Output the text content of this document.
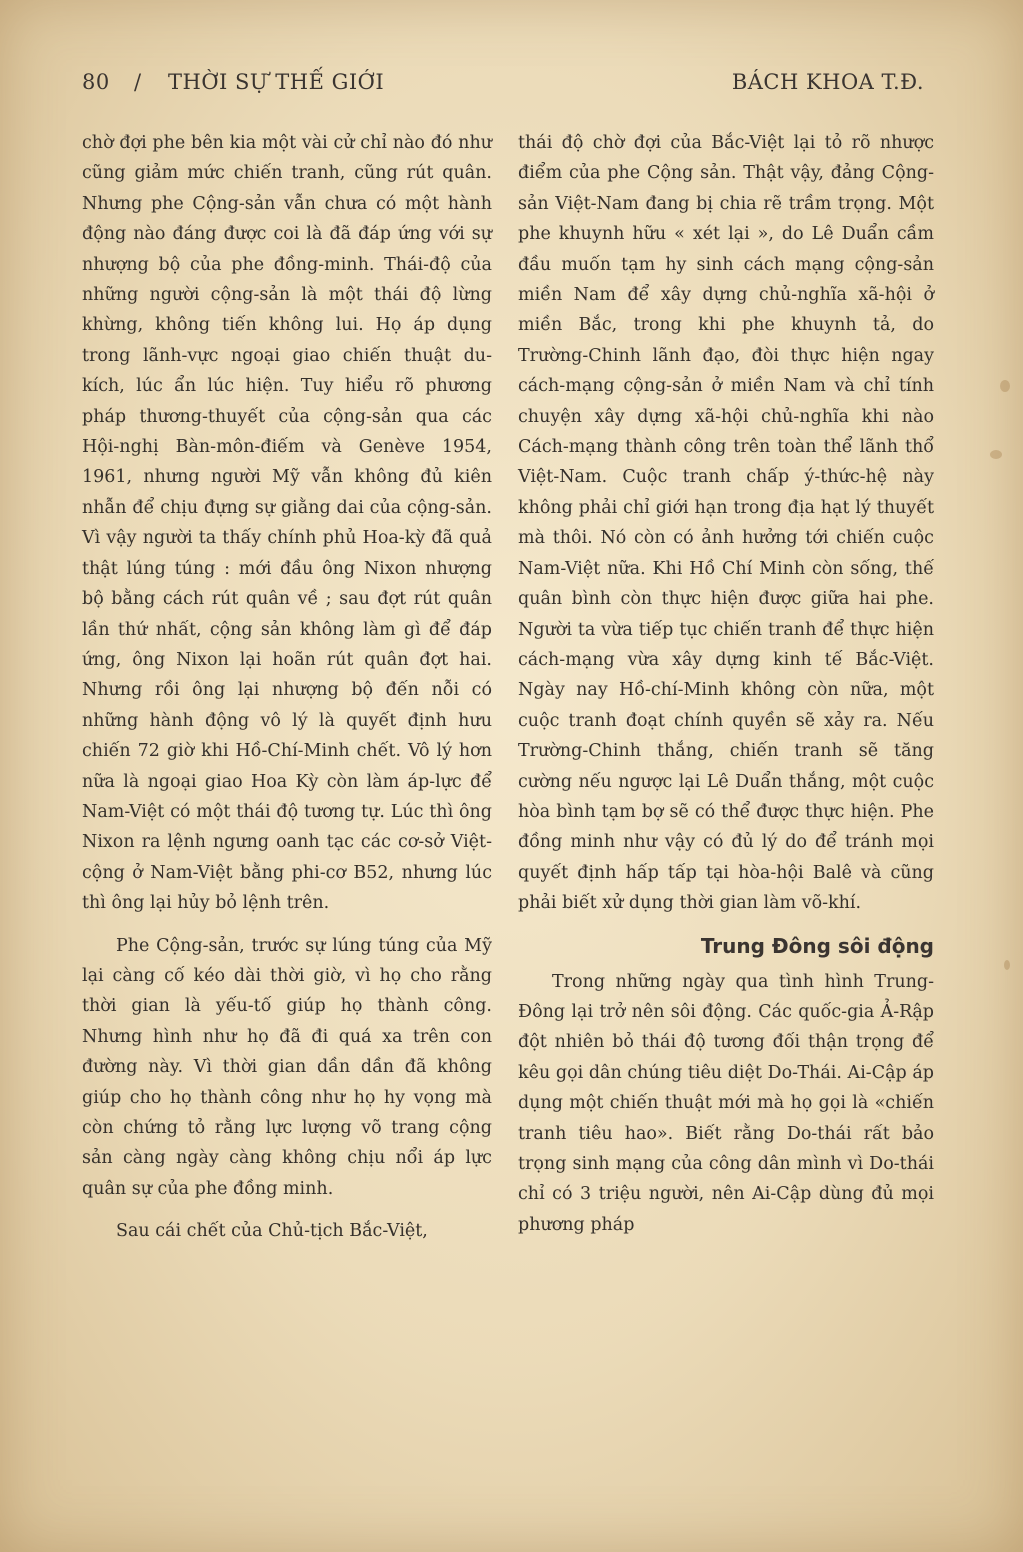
80 / THỜI SỰ THẾ GIỚI	BÁCH KHOA T.Đ.

chờ đợi phe bên kia một vài cử chỉ nào đó như cũng giảm mức chiến tranh, cũng rút quân. Nhưng phe Cộng-sản vẫn chưa có một hành động nào đáng được coi là đã đáp ứng với sự nhượng bộ của phe đồng-minh. Thái-độ của những người cộng-sản là một thái độ lừng khừng, không tiến không lui. Họ áp dụng trong lãnh-vực ngoại giao chiến thuật du-kích, lúc ẩn lúc hiện. Tuy hiểu rõ phương pháp thương-thuyết của cộng-sản qua các Hội-nghị Bàn-môn-điếm và Genève 1954, 1961, nhưng người Mỹ vẫn không đủ kiên nhẫn để chịu đựng sự giằng dai của cộng-sản. Vì vậy người ta thấy chính phủ Hoa-kỳ đã quả thật lúng túng : mới đầu ông Nixon nhượng bộ bằng cách rút quân về ; sau đợt rút quân lần thứ nhất, cộng sản không làm gì để đáp ứng, ông Nixon lại hoãn rút quân đợt hai. Nhưng rồi ông lại nhượng bộ đến nỗi có những hành động vô lý là quyết định hưu chiến 72 giờ khi Hồ-Chí-Minh chết. Vô lý hơn nữa là ngoại giao Hoa Kỳ còn làm áp-lực để Nam-Việt có một thái độ tương tự. Lúc thì ông Nixon ra lệnh ngưng oanh tạc các cơ-sở Việt-cộng ở Nam-Việt bằng phi-cơ B52, nhưng lúc thì ông lại hủy bỏ lệnh trên.

Phe Cộng-sản, trước sự lúng túng của Mỹ lại càng cố kéo dài thời giờ, vì họ cho rằng thời gian là yếu-tố giúp họ thành công. Nhưng hình như họ đã đi quá xa trên con đường này. Vì thời gian dần dần đã không giúp cho họ thành công như họ hy vọng mà còn chứng tỏ rằng lực lượng võ trang cộng sản càng ngày càng không chịu nổi áp lực quân sự của phe đồng minh.

Sau cái chết của Chủ-tịch Bắc-Việt,

thái độ chờ đợi của Bắc-Việt lại tỏ rõ nhược điểm của phe Cộng sản. Thật vậy, đảng Cộng-sản Việt-Nam đang bị chia rẽ trầm trọng. Một phe khuynh hữu « xét lại », do Lê Duẩn cầm đầu muốn tạm hy sinh cách mạng cộng-sản miền Nam để xây dựng chủ-nghĩa xã-hội ở miền Bắc, trong khi phe khuynh tả, do Trường-Chinh lãnh đạo, đòi thực hiện ngay cách-mạng cộng-sản ở miền Nam và chỉ tính chuyện xây dựng xã-hội chủ-nghĩa khi nào Cách-mạng thành công trên toàn thể lãnh thổ Việt-Nam. Cuộc tranh chấp ý-thức-hệ này không phải chỉ giới hạn trong địa hạt lý thuyết mà thôi. Nó còn có ảnh hưởng tới chiến cuộc Nam-Việt nữa. Khi Hồ Chí Minh còn sống, thế quân bình còn thực hiện được giữa hai phe. Người ta vừa tiếp tục chiến tranh để thực hiện cách-mạng vừa xây dựng kinh tế Bắc-Việt. Ngày nay Hồ-chí-Minh không còn nữa, một cuộc tranh đoạt chính quyền sẽ xảy ra. Nếu Trường-Chinh thắng, chiến tranh sẽ tăng cường nếu ngược lại Lê Duẩn thắng, một cuộc hòa bình tạm bợ sẽ có thể được thực hiện. Phe đồng minh như vậy có đủ lý do để tránh mọi quyết định hấp tấp tại hòa-hội Balê và cũng phải biết xử dụng thời gian làm võ-khí.

Trung Đông sôi động

Trong những ngày qua tình hình Trung-Đông lại trở nên sôi động. Các quốc-gia Ả-Rập đột nhiên bỏ thái độ tương đối thận trọng để kêu gọi dân chúng tiêu diệt Do-Thái. Ai-Cập áp dụng một chiến thuật mới mà họ gọi là «chiến tranh tiêu hao». Biết rằng Do-thái rất bảo trọng sinh mạng của công dân mình vì Do-thái chỉ có 3 triệu người, nên Ai-Cập dùng đủ mọi phương pháp
